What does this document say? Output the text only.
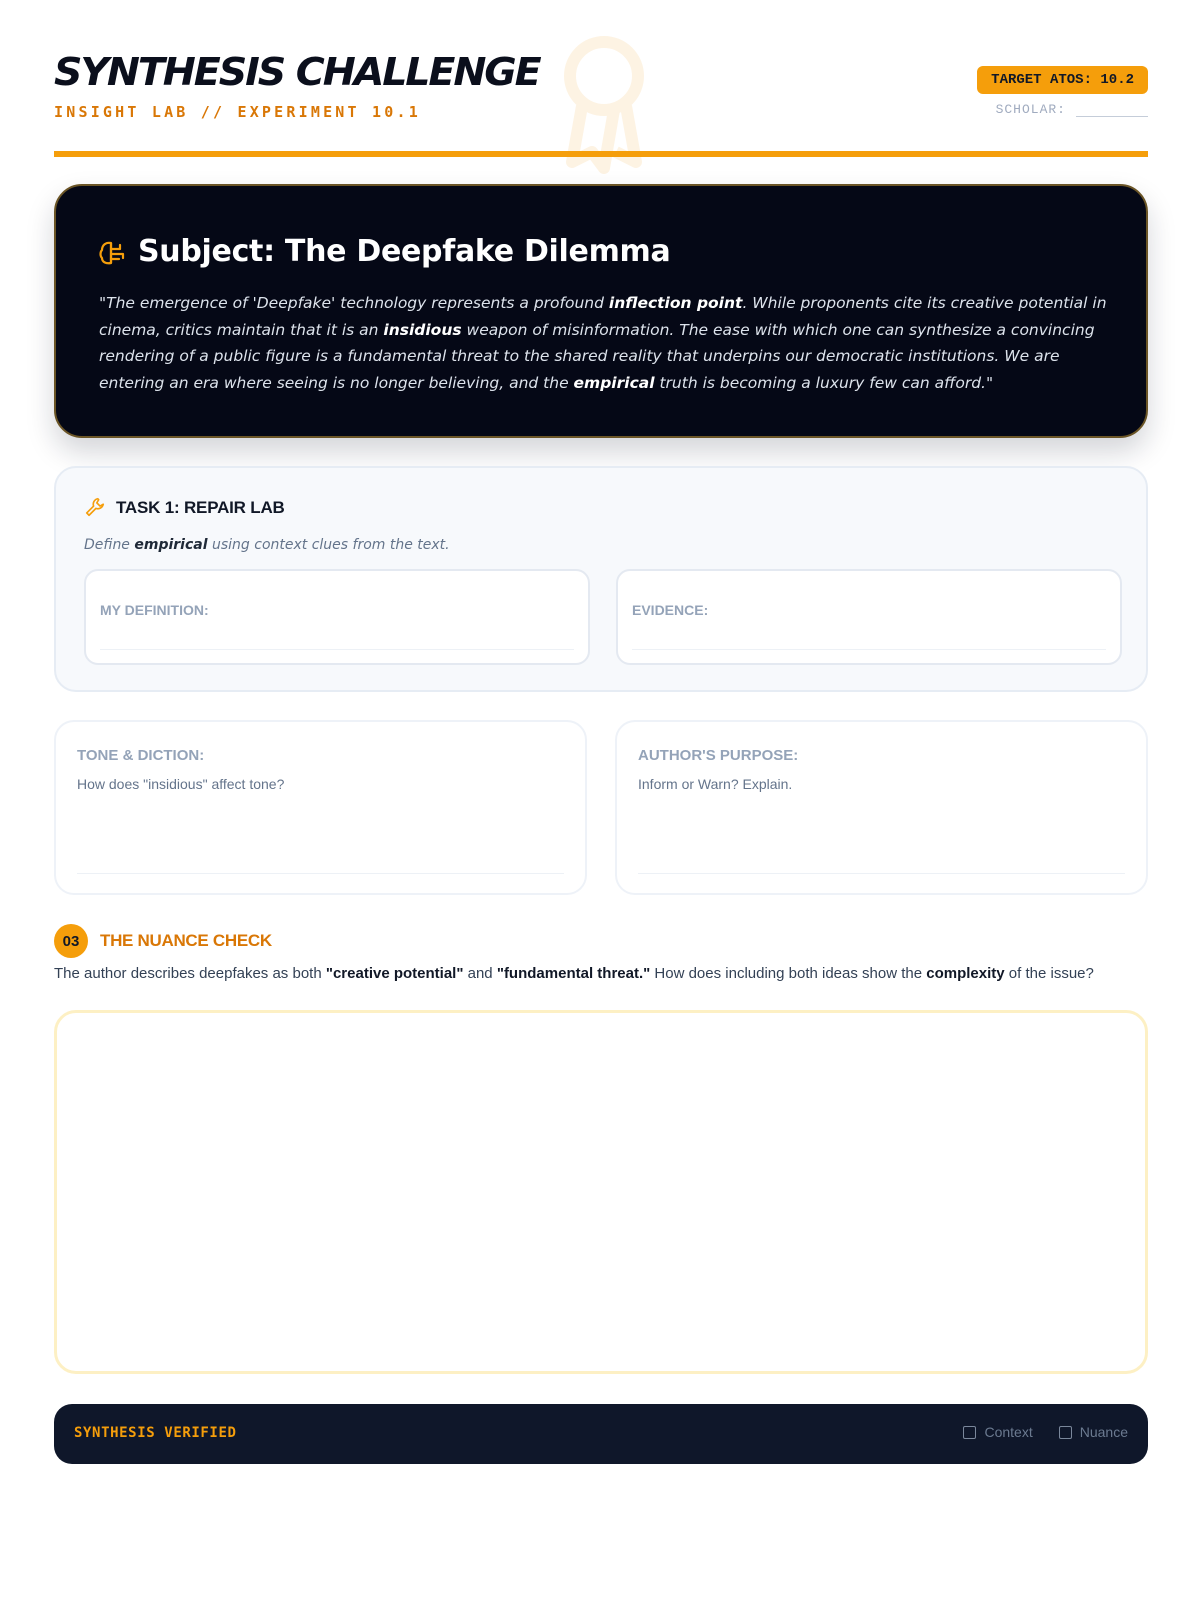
SYNTHESIS CHALLENGE
INSIGHT LAB // EXPERIMENT 10.1
TARGET ATOS: 10.2
SCHOLAR:
Subject: The Deepfake Dilemma

"The emergence of 'Deepfake' technology represents a profound inflection point. While proponents cite its creative potential in cinema, critics maintain that it is an insidious weapon of misinformation. The ease with which one can synthesize a convincing rendering of a public figure is a fundamental threat to the shared reality that underpins our democratic institutions. We are entering an era where seeing is no longer believing, and the empirical truth is becoming a luxury few can afford."

TASK 1: REPAIR LAB
Define empirical using context clues from the text.
MY DEFINITION:	EVIDENCE:
TONE & DICTION:
How does "insidious" affect tone?
AUTHOR'S PURPOSE:
Inform or Warn? Explain.
03	THE NUANCE CHECK

The author describes deepfakes as both "creative potential" and "fundamental threat." How does including both ideas show the complexity of the issue?

SYNTHESIS VERIFIED	Context	Nuance
